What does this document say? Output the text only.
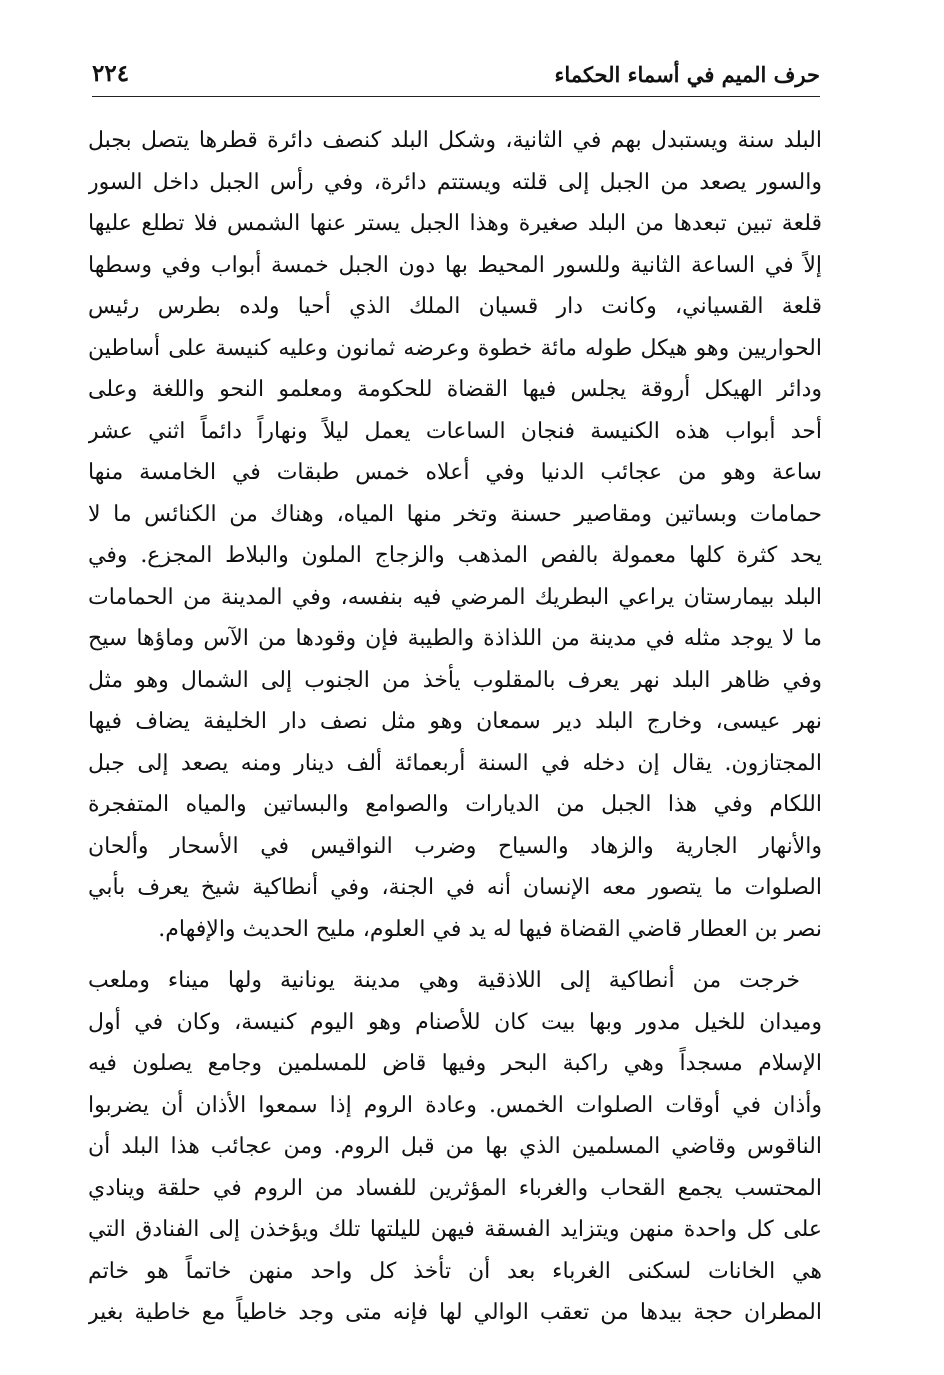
حرف الميم في أسماء الحكماء
٢٢٤
البلد سنة ويستبدل بهم في الثانية، وشكل البلد كنصف دائرة قطرها يتصل بجبل
والسور يصعد من الجبل إلى قلته ويستتم دائرة، وفي رأس الجبل داخل السور
قلعة تبين تبعدها من البلد صغيرة وهذا الجبل يستر عنها الشمس فلا تطلع عليها
إلاً في الساعة الثانية وللسور المحيط بها دون الجبل خمسة أبواب وفي وسطها
قلعة القسياني، وكانت دار قسيان الملك الذي أحيا ولده بطرس رئيس
الحواريين وهو هيكل طوله مائة خطوة وعرضه ثمانون وعليه كنيسة على أساطين
ودائر الهيكل أروقة يجلس فيها القضاة للحكومة ومعلمو النحو واللغة وعلى
أحد أبواب هذه الكنيسة فنجان الساعات يعمل ليلاً ونهاراً دائماً اثني عشر
ساعة وهو من عجائب الدنيا وفي أعلاه خمس طبقات في الخامسة منها
حمامات وبساتين ومقاصير حسنة وتخر منها المياه، وهناك من الكنائس ما لا
يحد كثرة كلها معمولة بالفص المذهب والزجاج الملون والبلاط المجزع. وفي
البلد بيمارستان يراعي البطريك المرضي فيه بنفسه، وفي المدينة من الحمامات
ما لا يوجد مثله في مدينة من اللذاذة والطيبة فإن وقودها من الآس وماؤها سيح
وفي ظاهر البلد نهر يعرف بالمقلوب يأخذ من الجنوب إلى الشمال وهو مثل
نهر عيسى، وخارج البلد دير سمعان وهو مثل نصف دار الخليفة يضاف فيها
المجتازون. يقال إن دخله في السنة أربعمائة ألف دينار ومنه يصعد إلى جبل
اللكام وفي هذا الجبل من الديارات والصوامع والبساتين والمياه المتفجرة
والأنهار الجارية والزهاد والسياح وضرب النواقيس في الأسحار وألحان
الصلوات ما يتصور معه الإنسان أنه في الجنة، وفي أنطاكية شيخ يعرف بأبي
نصر بن العطار قاضي القضاة فيها له يد في العلوم، مليح الحديث والإفهام.
خرجت من أنطاكية إلى اللاذقية وهي مدينة يونانية ولها ميناء وملعب
وميدان للخيل مدور وبها بيت كان للأصنام وهو اليوم كنيسة، وكان في أول
الإسلام مسجداً وهي راكبة البحر وفيها قاض للمسلمين وجامع يصلون فيه
وأذان في أوقات الصلوات الخمس. وعادة الروم إذا سمعوا الأذان أن يضربوا
الناقوس وقاضي المسلمين الذي بها من قبل الروم. ومن عجائب هذا البلد أن
المحتسب يجمع القحاب والغرباء المؤثرين للفساد من الروم في حلقة وينادي
على كل واحدة منهن ويتزايد الفسقة فيهن لليلتها تلك ويؤخذن إلى الفنادق التي
هي الخانات لسكنى الغرباء بعد أن تأخذ كل واحد منهن خاتماً هو خاتم
المطران حجة بيدها من تعقب الوالي لها فإنه متى وجد خاطياً مع خاطية بغير
